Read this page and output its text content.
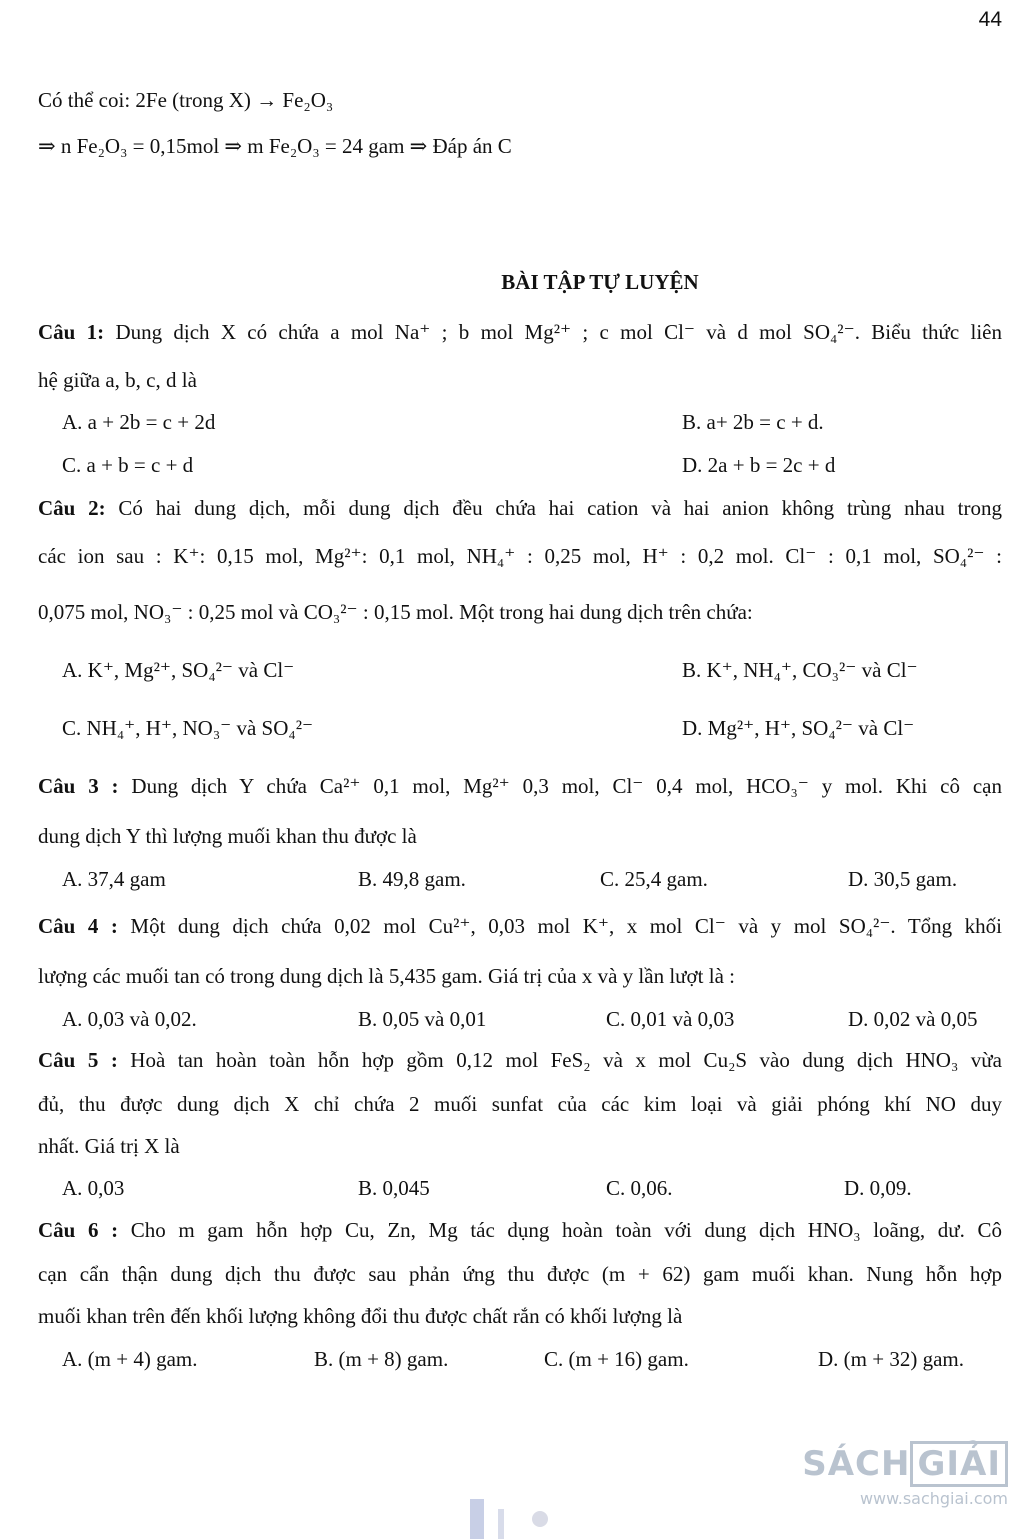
44
Có thể coi: 2Fe (trong X) → Fe₂O₃
⇒ n Fe₂O₃ = 0,15mol ⇒ m Fe₂O₃ = 24 gam ⇒ Đáp án C
BÀI TẬP TỰ LUYỆN
Câu 1: Dung dịch X có chứa a mol Na⁺ ; b mol Mg²⁺ ; c mol Cl⁻ và d mol SO₄²⁻. Biểu thức liên
hệ giữa a, b, c, d là
A. a + 2b = c + 2d	B. a+ 2b = c + d.
C. a + b = c + d	D. 2a + b = 2c + d
Câu 2: Có hai dung dịch, mỗi dung dịch đều chứa hai cation và hai anion không trùng nhau trong
các ion sau : K⁺: 0,15 mol, Mg²⁺: 0,1 mol, NH₄⁺ : 0,25 mol, H⁺ : 0,2 mol. Cl⁻ : 0,1 mol, SO₄²⁻ :
0,075 mol, NO₃⁻ : 0,25 mol và CO₃²⁻ : 0,15 mol. Một trong hai dung dịch trên chứa:
A. K⁺, Mg²⁺, SO₄²⁻ và Cl⁻	B. K⁺, NH₄⁺, CO₃²⁻ và Cl⁻
C. NH₄⁺, H⁺, NO₃⁻ và SO₄²⁻	D. Mg²⁺, H⁺, SO₄²⁻ và Cl⁻
Câu 3 : Dung dịch Y chứa Ca²⁺ 0,1 mol, Mg²⁺ 0,3 mol, Cl⁻ 0,4 mol, HCO₃⁻ y mol. Khi cô cạn
dung dịch Y thì lượng muối khan thu được là
A. 37,4 gam	B. 49,8 gam.	C. 25,4 gam.	D. 30,5 gam.
Câu 4 : Một dung dịch chứa 0,02 mol Cu²⁺, 0,03 mol K⁺, x mol Cl⁻ và y mol SO₄²⁻. Tổng khối
lượng các muối tan có trong dung dịch là 5,435 gam. Giá trị của x và y lần lượt là :
A. 0,03 và 0,02.	B. 0,05 và 0,01	C. 0,01 và 0,03	D. 0,02 và 0,05
Câu 5 : Hoà tan hoàn toàn hỗn hợp gồm 0,12 mol FeS₂ và x mol Cu₂S vào dung dịch HNO₃ vừa
đủ, thu được dung dịch X chỉ chứa 2 muối sunfat của các kim loại và giải phóng khí NO duy
nhất. Giá trị X là
A. 0,03	B. 0,045	C. 0,06.	D. 0,09.
Câu 6 : Cho m gam hỗn hợp Cu, Zn, Mg tác dụng hoàn toàn với dung dịch HNO₃ loãng, dư. Cô
cạn cẩn thận dung dịch thu được sau phản ứng thu được (m + 62) gam muối khan. Nung hỗn hợp
muối khan trên đến khối lượng không đổi thu được chất rắn có khối lượng là
A. (m + 4) gam.	B. (m + 8) gam.	C. (m + 16) gam.	D. (m + 32) gam.
SÁCH GIẢI
www.sachgiai.com
